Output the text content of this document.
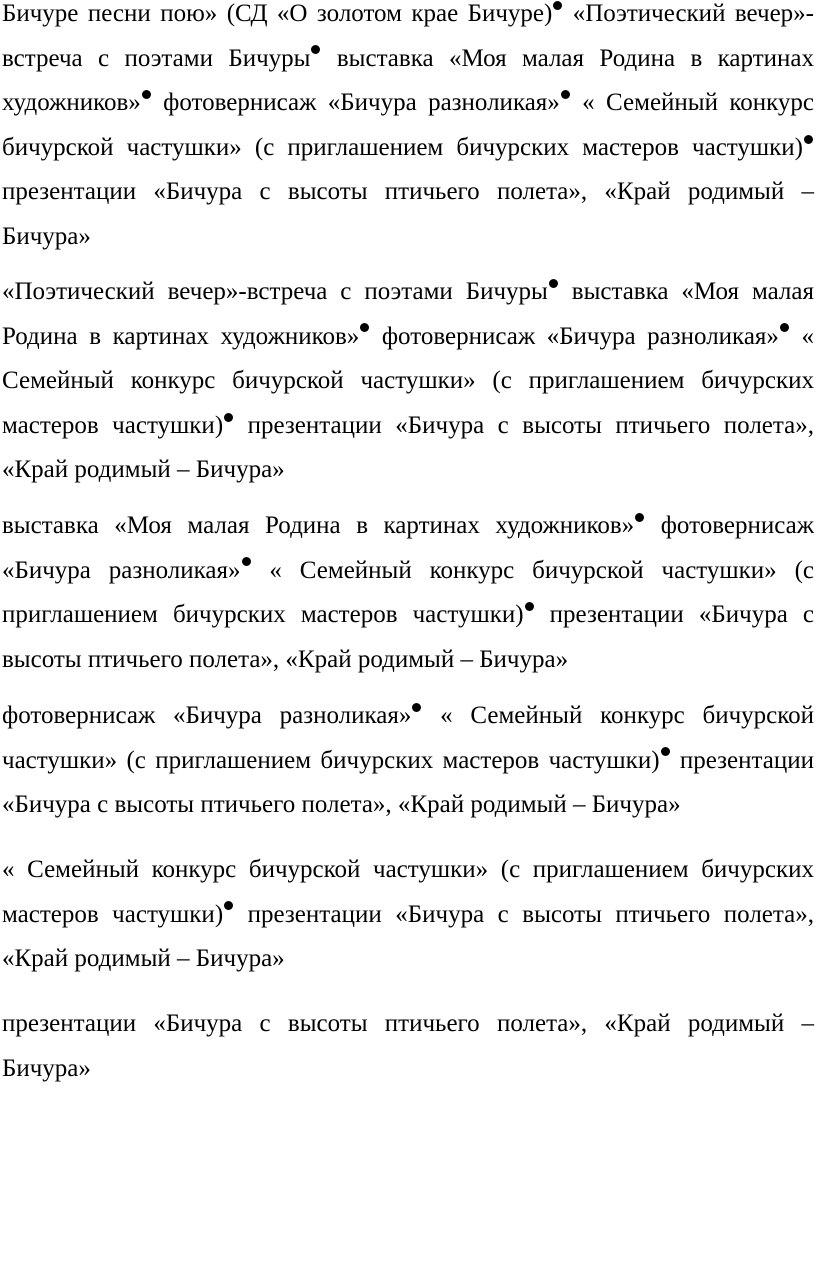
Бичуре песни пою» (СД «О золотом крае Бичуре) «Поэтический вечер»-встреча с поэтами Бичуры выставка «Моя малая Родина в картинах художников» фотовернисаж «Бичура разноликая» « Семейный конкурс бичурской частушки» (с приглашением бичурских мастеров частушки) презентации «Бичура с высоты птичьего полета», «Край родимый – Бичура»

«Поэтический вечер»-встреча с поэтами Бичуры выставка «Моя малая Родина в картинах художников» фотовернисаж «Бичура разноликая» « Семейный конкурс бичурской частушки» (с приглашением бичурских мастеров частушки) презентации «Бичура с высоты птичьего полета», «Край родимый – Бичура»

выставка «Моя малая Родина в картинах художников» фотовернисаж «Бичура разноликая» « Семейный конкурс бичурской частушки» (с приглашением бичурских мастеров частушки) презентации «Бичура с высоты птичьего полета», «Край родимый – Бичура»

фотовернисаж «Бичура разноликая» « Семейный конкурс бичурской частушки» (с приглашением бичурских мастеров частушки) презентации «Бичура с высоты птичьего полета», «Край родимый – Бичура»

« Семейный конкурс бичурской частушки» (с приглашением бичурских мастеров частушки) презентации «Бичура с высоты птичьего полета», «Край родимый – Бичура»

презентации «Бичура с высоты птичьего полета», «Край родимый – Бичура»
